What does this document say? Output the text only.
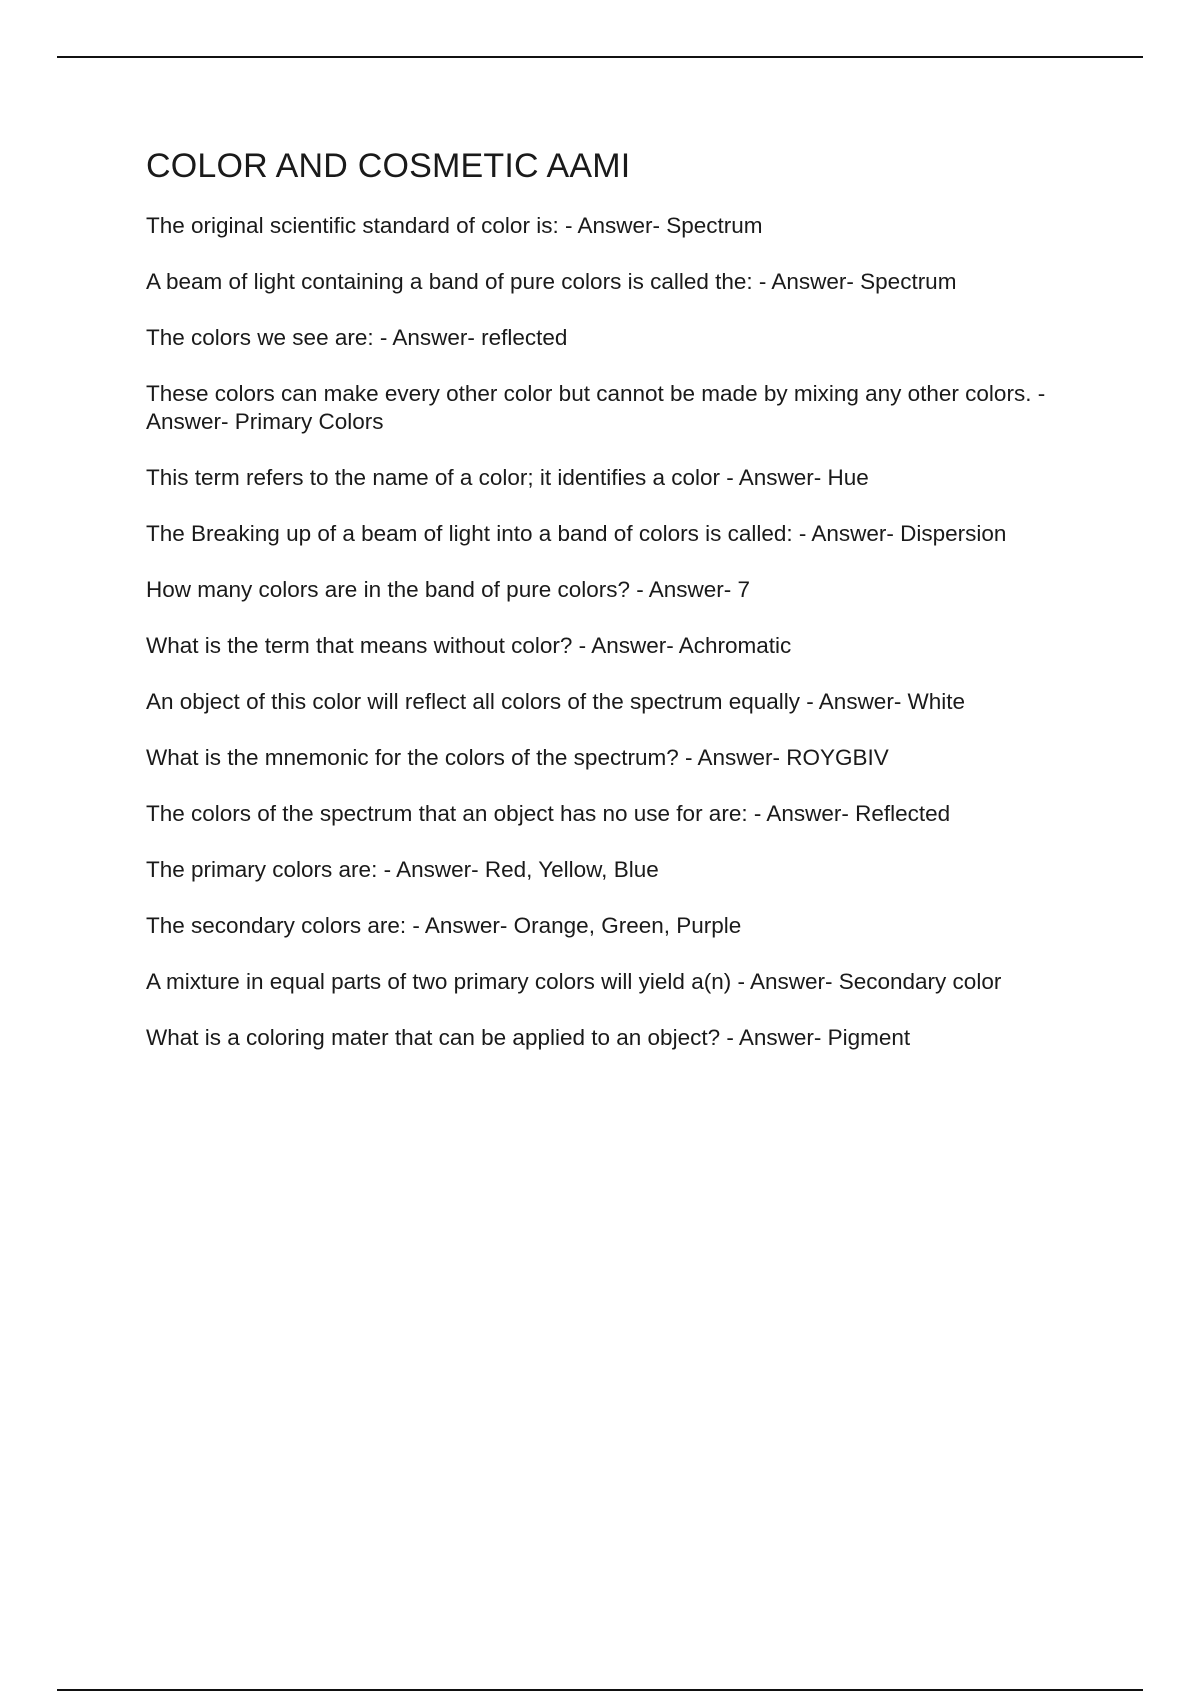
COLOR AND COSMETIC AAMI
The original scientific standard of color is: - Answer- Spectrum
A beam of light containing a band of pure colors is called the: - Answer- Spectrum
The colors we see are: - Answer- reflected
These colors can make every other color but cannot be made by mixing any other colors. - Answer- Primary Colors
This term refers to the name of a color; it identifies a color - Answer- Hue
The Breaking up of a beam of light into a band of colors is called: - Answer- Dispersion
How many colors are in the band of pure colors? - Answer- 7
What is the term that means without color? - Answer- Achromatic
An object of this color will reflect all colors of the spectrum equally - Answer- White
What is the mnemonic for the colors of the spectrum? - Answer- ROYGBIV
The colors of the spectrum that an object has no use for are: - Answer- Reflected
The primary colors are: - Answer- Red, Yellow, Blue
The secondary colors are: - Answer- Orange, Green, Purple
A mixture in equal parts of two primary colors will yield a(n) - Answer- Secondary color
What is a coloring mater that can be applied to an object? - Answer- Pigment
